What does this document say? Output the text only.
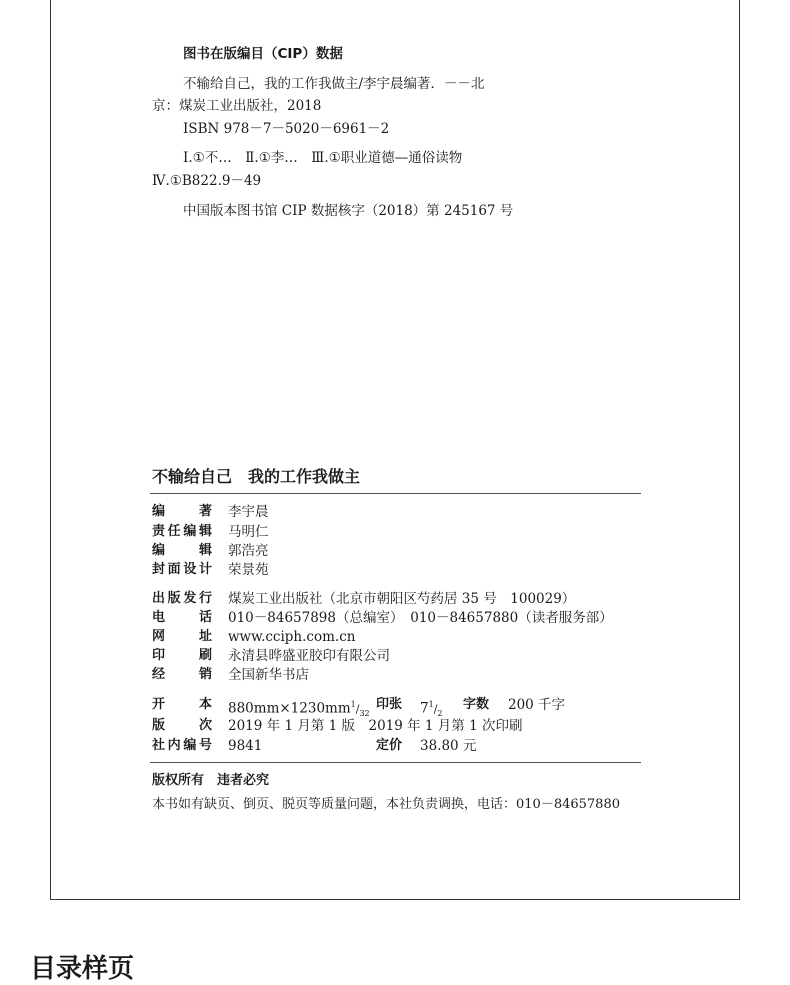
图书在版编目（CIP）数据
不输给自己，我的工作我做主/李宇晨编著．－－北
京：煤炭工业出版社，2018
ISBN 978－7－5020－6961－2
Ⅰ.①不…　Ⅱ.①李…　Ⅲ.①职业道德—通俗读物
Ⅳ.①B822.9－49
中国版本图书馆 CIP 数据核字（2018）第 245167 号
不输给自己　我的工作我做主
编　　著 李宇晨
责任编辑 马明仁
编　　辑 郭浩亮
封面设计 荣景苑
出版发行 煤炭工业出版社（北京市朝阳区芍药居 35 号　100029）
电　　话 010－84657898（总编室）　010－84657880（读者服务部）
网　　址 www.cciph.com.cn
印　　刷 永清县晔盛亚胶印有限公司
经　　销 全国新华书店
开　　本 $880mm\times 1230mm^1/_{32}$
印张 $7^1/_2$
字数 200 千字
版　　次 2019 年 1 月第 1 版　2019 年 1 月第 1 次印刷
社内编号 9841	定价 38.80 元
版权所有　违者必究
本书如有缺页、倒页、脱页等质量问题，本社负责调换，电话：010－84657880
目录样页
